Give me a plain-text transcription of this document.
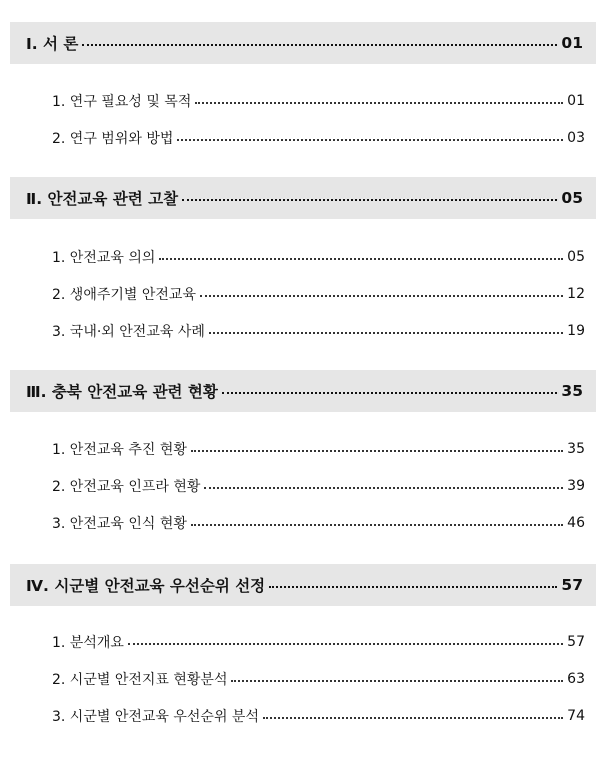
Ⅰ. 서 론	01
1. 연구 필요성 및 목적	01
2. 연구 범위와 방법	03
Ⅱ. 안전교육 관련 고찰	05
1. 안전교육 의의	05
2. 생애주기별 안전교육	12
3. 국내·외 안전교육 사례	19
Ⅲ. 충북 안전교육 관련 현황	35
1. 안전교육 추진 현황	35
2. 안전교육 인프라 현황	39
3. 안전교육 인식 현황	46
Ⅳ. 시군별 안전교육 우선순위 선정	57
1. 분석개요	57
2. 시군별 안전지표 현황분석	63
3. 시군별 안전교육 우선순위 분석	74
